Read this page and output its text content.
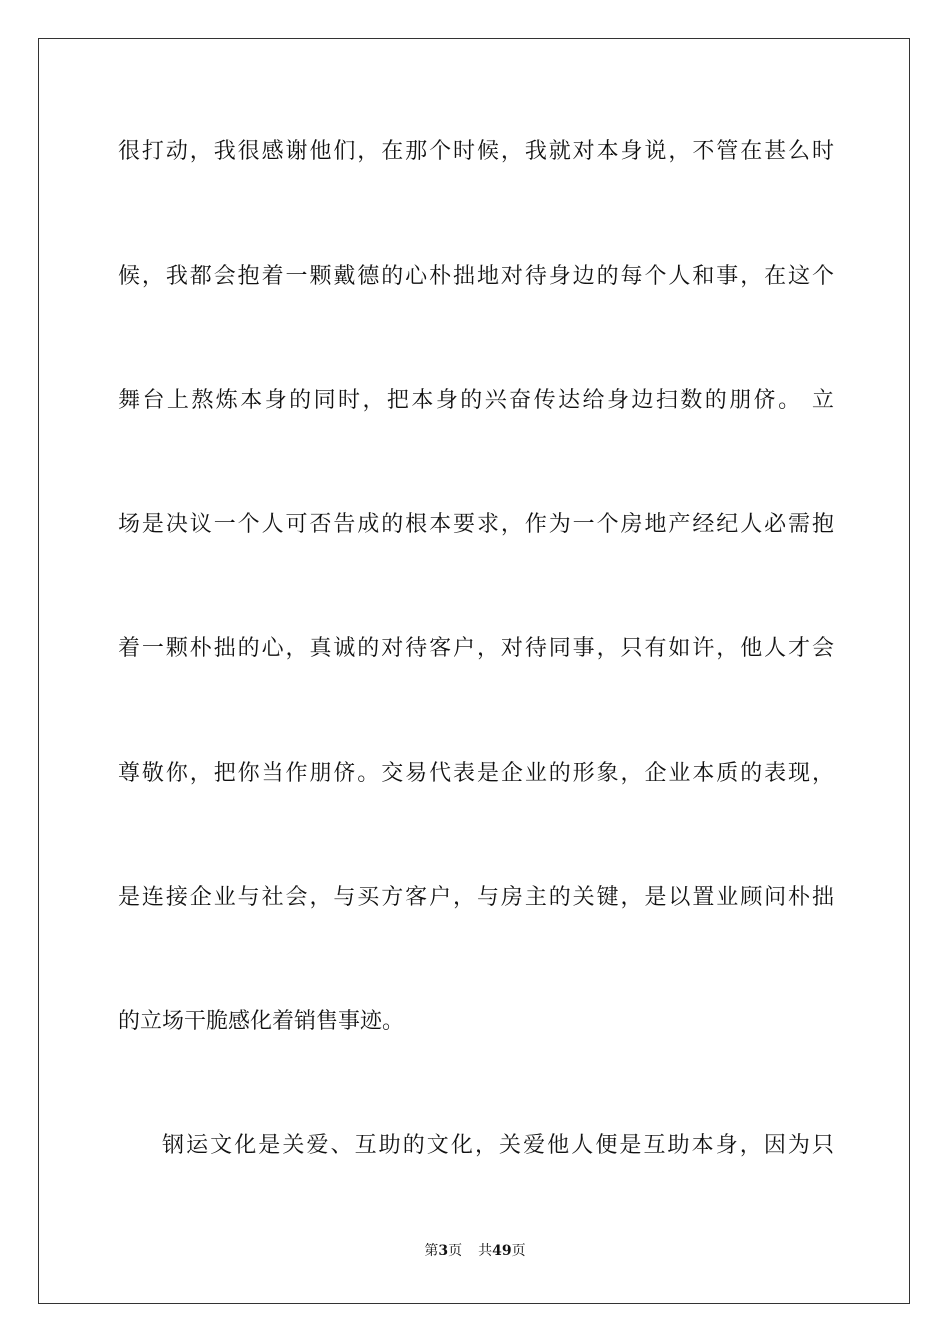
很打动，我很感谢他们，在那个时候，我就对本身说，不管在甚么时
候，我都会抱着一颗戴德的心朴拙地对待身边的每个人和事，在这个
舞台上熬炼本身的同时，把本身的兴奋传达给身边扫数的朋侪。 立
场是决议一个人可否告成的根本要求，作为一个房地产经纪人必需抱
着一颗朴拙的心，真诚的对待客户，对待同事，只有如许，他人才会
尊敬你，把你当作朋侪。交易代表是企业的形象，企业本质的表现，
是连接企业与社会，与买方客户，与房主的关键，是以置业顾问朴拙
的立场干脆感化着销售事迹。
钢运文化是关爱、互助的文化，关爱他人便是互助本身，因为只
第3页 共49页
